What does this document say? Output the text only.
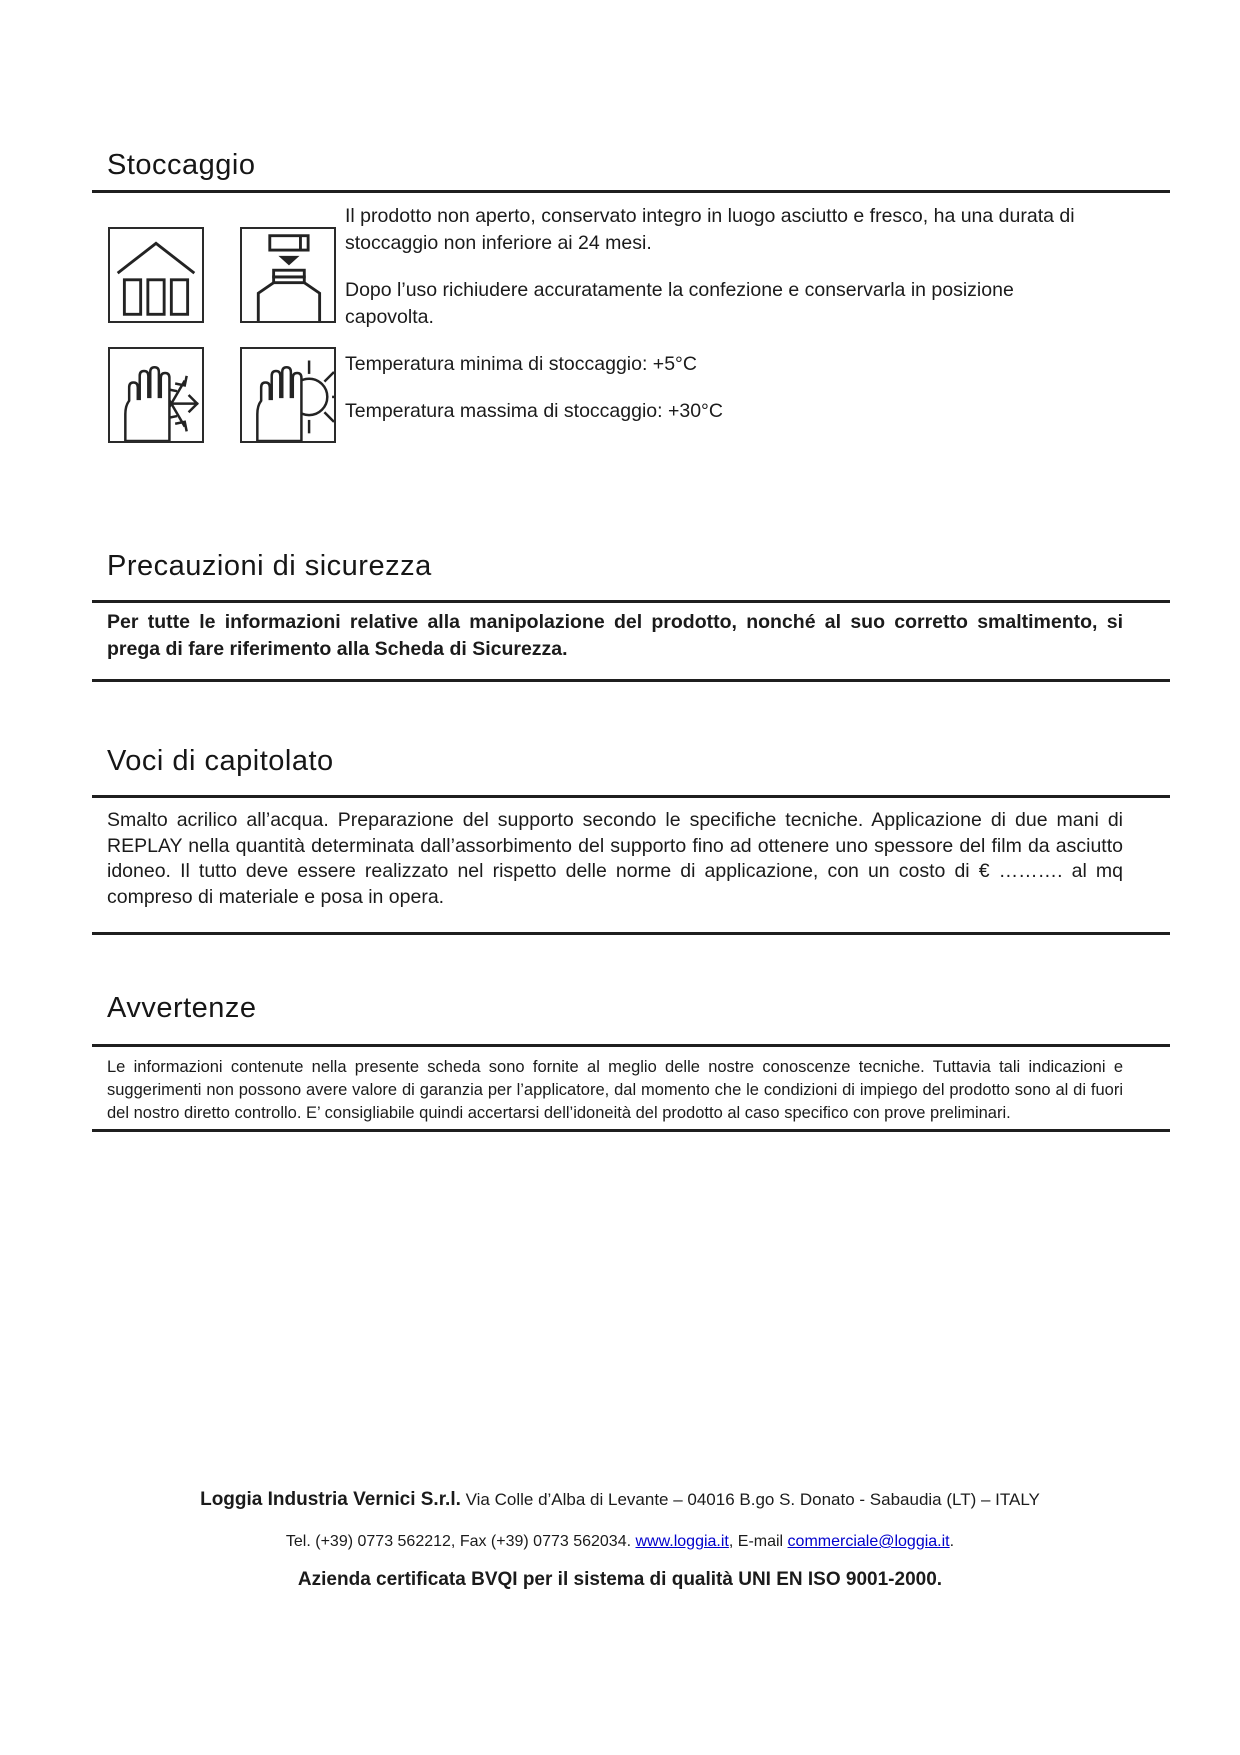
Stoccaggio

Il prodotto non aperto, conservato integro in luogo asciutto e fresco, ha una durata di stoccaggio non inferiore ai 24 mesi.

Dopo l’uso richiudere accuratamente la confezione e conservarla in posizione capovolta.

Temperatura minima di stoccaggio: +5°C

Temperatura massima di stoccaggio: +30°C

Precauzioni di sicurezza

Per tutte le informazioni relative alla manipolazione del prodotto, nonché al suo corretto smaltimento, si prega di fare riferimento alla Scheda di Sicurezza.

Voci di capitolato

Smalto acrilico all’acqua. Preparazione del supporto secondo le specifiche tecniche. Applicazione di due mani di REPLAY nella quantità determinata dall’assorbimento del supporto fino ad ottenere uno spessore del film da asciutto idoneo. Il tutto deve essere realizzato nel rispetto delle norme di applicazione, con un costo di € ………. al mq compreso di materiale e posa in opera.

Avvertenze

Le informazioni contenute nella presente scheda sono fornite al meglio delle nostre conoscenze tecniche. Tuttavia tali indicazioni e suggerimenti non possono avere valore di garanzia per l’applicatore, dal momento che le condizioni di impiego del prodotto sono al di fuori del nostro diretto controllo. E’ consigliabile quindi accertarsi dell’idoneità del prodotto al caso specifico con prove preliminari.

Loggia Industria Vernici S.r.l. Via Colle d’Alba di Levante – 04016 B.go S. Donato - Sabaudia (LT) – ITALY

Tel. (+39) 0773 562212, Fax (+39) 0773 562034. www.loggia.it, E-mail commerciale@loggia.it.

Azienda certificata BVQI per il sistema di qualità UNI EN ISO 9001-2000.
